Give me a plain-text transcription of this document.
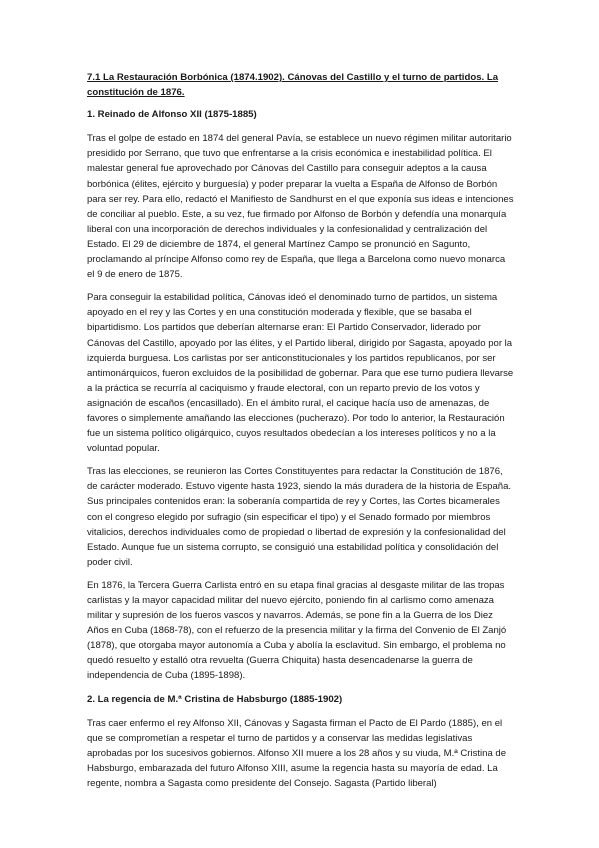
7.1 La Restauración Borbónica (1874.1902). Cánovas del Castillo y el turno de partidos. La constitución de 1876.

1. Reinado de Alfonso XII (1875-1885)

Tras el golpe de estado en 1874 del general Pavía, se establece un nuevo régimen militar autoritario presidido por Serrano, que tuvo que enfrentarse a la crisis económica e inestabilidad política. El malestar general fue aprovechado por Cánovas del Castillo para conseguir adeptos a la causa borbónica (élites, ejército y burguesía) y poder preparar la vuelta a España de Alfonso de Borbón para ser rey. Para ello, redactó el Manifiesto de Sandhurst en el que exponía sus ideas e intenciones de conciliar al pueblo. Este, a su vez, fue firmado por Alfonso de Borbón y defendía una monarquía liberal con una incorporación de derechos individuales y la confesionalidad y centralización del Estado. El 29 de diciembre de 1874, el general Martínez Campo se pronunció en Sagunto, proclamando al príncipe Alfonso como rey de España, que llega a Barcelona como nuevo monarca el 9 de enero de 1875.

Para conseguir la estabilidad política, Cánovas ideó el denominado turno de partidos, un sistema apoyado en el rey y las Cortes y en una constitución moderada y flexible, que se basaba el bipartidismo. Los partidos que deberían alternarse eran: El Partido Conservador, liderado por Cánovas del Castillo, apoyado por las élites, y el Partido liberal, dirigido por Sagasta, apoyado por la izquierda burguesa. Los carlistas por ser anticonstitucionales y los partidos republicanos, por ser antimonárquicos, fueron excluidos de la posibilidad de gobernar. Para que ese turno pudiera llevarse a la práctica se recurría al caciquismo y fraude electoral, con un reparto previo de los votos y asignación de escaños (encasillado). En el ámbito rural, el cacique hacía uso de amenazas, de favores o simplemente amañando las elecciones (pucherazo). Por todo lo anterior, la Restauración fue un sistema político oligárquico, cuyos resultados obedecían a los intereses políticos y no a la voluntad popular.

Tras las elecciones, se reunieron las Cortes Constituyentes para redactar la Constitución de 1876, de carácter moderado. Estuvo vigente hasta 1923, siendo la más duradera de la historia de España. Sus principales contenidos eran: la soberanía compartida de rey y Cortes, las Cortes bicamerales con el congreso elegido por sufragio (sin especificar el tipo) y el Senado formado por miembros vitalicios, derechos individuales como de propiedad o libertad de expresión y la confesionalidad del Estado. Aunque fue un sistema corrupto, se consiguió una estabilidad política y consolidación del poder civil.

En 1876, la Tercera Guerra Carlista entró en su etapa final gracias al desgaste militar de las tropas carlistas y la mayor capacidad militar del nuevo ejército, poniendo fin al carlismo como amenaza militar y supresión de los fueros vascos y navarros. Además, se pone fin a la Guerra de los Diez Años en Cuba (1868-78), con el refuerzo de la presencia militar y la firma del Convenio de El Zanjó (1878), que otorgaba mayor autonomía a Cuba y abolía la esclavitud. Sin embargo, el problema no quedó resuelto y estalló otra revuelta (Guerra Chiquita) hasta desencadenarse la guerra de independencia de Cuba (1895-1898).

2. La regencia de M.ª Cristina de Habsburgo (1885-1902)

Tras caer enfermo el rey Alfonso XII, Cánovas y Sagasta firman el Pacto de El Pardo (1885), en el que se comprometían a respetar el turno de partidos y a conservar las medidas legislativas aprobadas por los sucesivos gobiernos. Alfonso XII muere a los 28 años y su viuda, M.ª Cristina de Habsburgo, embarazada del futuro Alfonso XIII, asume la regencia hasta su mayoría de edad. La regente, nombra a Sagasta como presidente del Consejo. Sagasta (Partido liberal)
